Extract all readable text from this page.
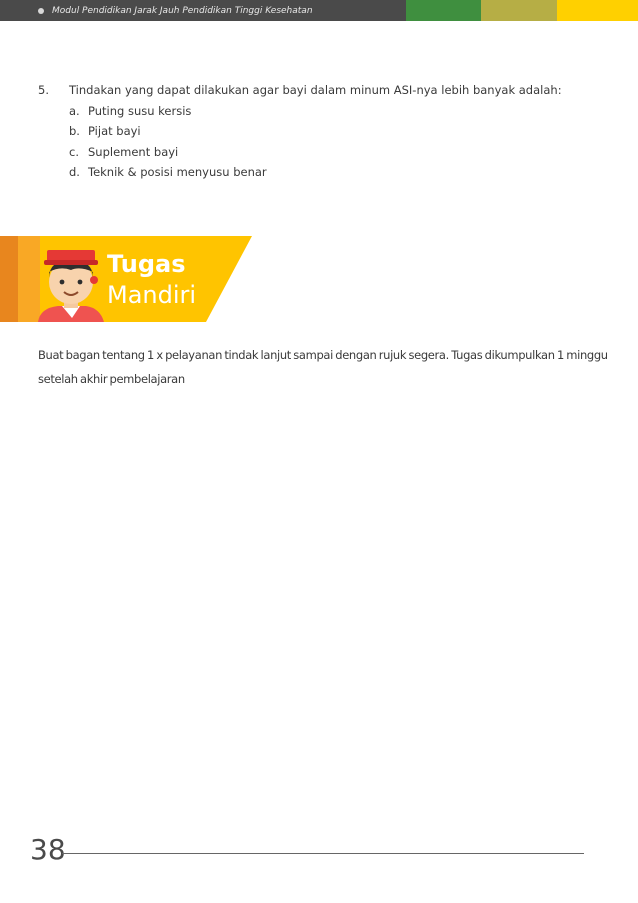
Modul Pendidikan Jarak Jauh Pendidikan Tinggi Kesehatan
5.	Tindakan yang dapat dilakukan agar bayi dalam minum ASI-nya lebih banyak adalah:
a. Puting susu kersis
b. Pijat bayi
c. Suplement bayi
d. Teknik & posisi menyusu benar
Tugas
Mandiri
Buat bagan tentang 1 x pelayanan tindak lanjut sampai dengan rujuk segera. Tugas dikumpulkan 1 minggu setelah akhir pembelajaran
38
